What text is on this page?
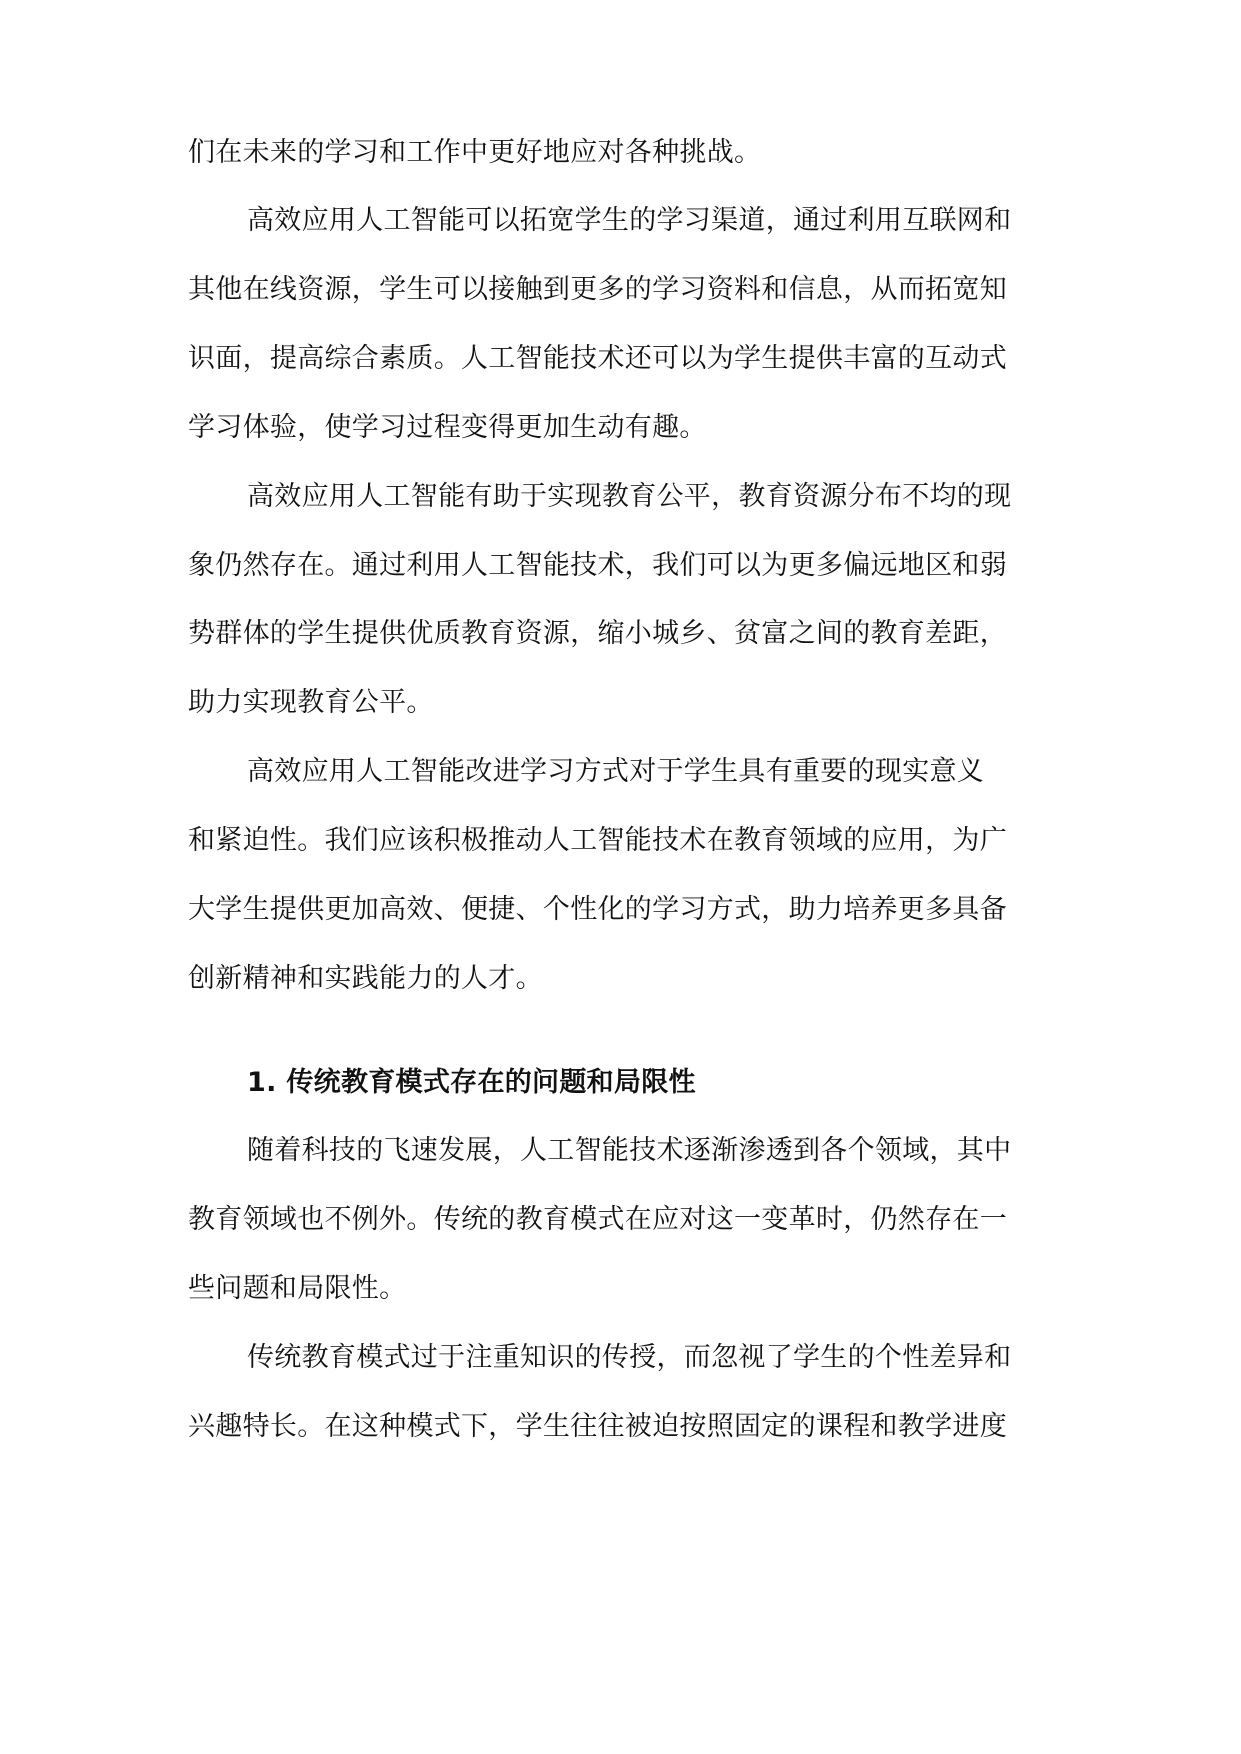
们在未来的学习和工作中更好地应对各种挑战。

高效应用人工智能可以拓宽学生的学习渠道，通过利用互联网和

其他在线资源，学生可以接触到更多的学习资料和信息，从而拓宽知

识面，提高综合素质。人工智能技术还可以为学生提供丰富的互动式

学习体验，使学习过程变得更加生动有趣。

高效应用人工智能有助于实现教育公平，教育资源分布不均的现

象仍然存在。通过利用人工智能技术，我们可以为更多偏远地区和弱

势群体的学生提供优质教育资源，缩小城乡、贫富之间的教育差距，

助力实现教育公平。

高效应用人工智能改进学习方式对于学生具有重要的现实意义

和紧迫性。我们应该积极推动人工智能技术在教育领域的应用，为广

大学生提供更加高效、便捷、个性化的学习方式，助力培养更多具备

创新精神和实践能力的人才。

1. 传统教育模式存在的问题和局限性

随着科技的飞速发展，人工智能技术逐渐渗透到各个领域，其中

教育领域也不例外。传统的教育模式在应对这一变革时，仍然存在一

些问题和局限性。

传统教育模式过于注重知识的传授，而忽视了学生的个性差异和

兴趣特长。在这种模式下，学生往往被迫按照固定的课程和教学进度
